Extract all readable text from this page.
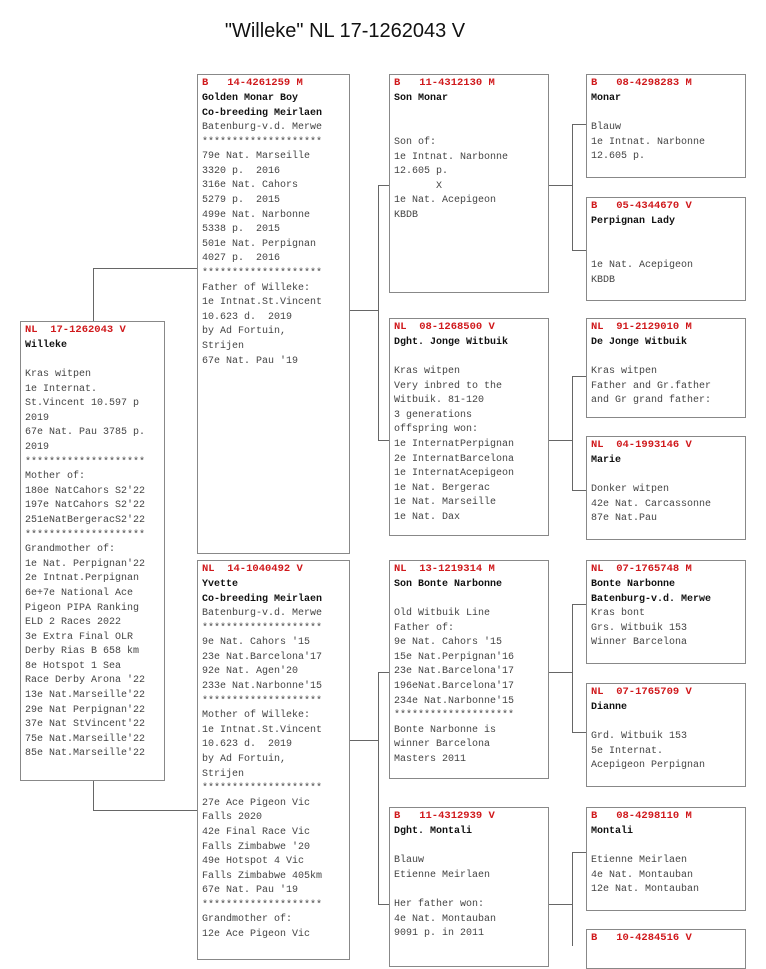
"Willeke" NL 17-1262043 V
NL  17-1262043 V
Willeke
Kras witpen
1e Internat.
St.Vincent 10.597 p
2019
67e Nat. Pau 3785 p.
2019
********************
Mother of:
180e NatCahors S2'22
197e NatCahors S2'22
251eNatBergeracS2'22
********************
Grandmother of:
1e Nat. Perpignan'22
2e Intnat.Perpignan
6e+7e National Ace
Pigeon PIPA Ranking
ELD 2 Races 2022
3e Extra Final OLR
Derby Rias B 658 km
8e Hotspot 1 Sea
Race Derby Arona '22
13e Nat.Marseille'22
29e Nat Perpignan'22
37e Nat StVincent'22
75e Nat.Marseille'22
85e Nat.Marseille'22
B   14-4261259 M
Golden Monar Boy
Co-breeding Meirlaen
Batenburg-v.d. Merwe
********************
79e Nat. Marseille
3320 p.  2016
316e Nat. Cahors
5279 p.  2015
499e Nat. Narbonne
5338 p.  2015
501e Nat. Perpignan
4027 p.  2016
********************
Father of Willeke:
1e Intnat.St.Vincent
10.623 d.  2019
by Ad Fortuin,
Strijen
67e Nat. Pau '19
NL  14-1040492 V
Yvette
Co-breeding Meirlaen
Batenburg-v.d. Merwe
********************
9e Nat. Cahors '15
23e Nat.Barcelona'17
92e Nat. Agen'20
233e Nat.Narbonne'15
********************
Mother of Willeke:
1e Intnat.St.Vincent
10.623 d.  2019
by Ad Fortuin,
Strijen
********************
27e Ace Pigeon Vic
Falls 2020
42e Final Race Vic
Falls Zimbabwe '20
49e Hotspot 4 Vic
Falls Zimbabwe 405km
67e Nat. Pau '19
********************
Grandmother of:
12e Ace Pigeon Vic
B   11-4312130 M
Son Monar
Son of:
1e Intnat. Narbonne
12.605 p.
X
1e Nat. Acepigeon
KBDB
NL  08-1268500 V
Dght. Jonge Witbuik
Kras witpen
Very inbred to the
Witbuik. 81-120
3 generations
offspring won:
1e InternatPerpignan
2e InternatBarcelona
1e InternatAcepigeon
1e Nat. Bergerac
1e Nat. Marseille
1e Nat. Dax
NL  13-1219314 M
Son Bonte Narbonne
Old Witbuik Line
Father of:
9e Nat. Cahors '15
15e Nat.Perpignan'16
23e Nat.Barcelona'17
196eNat.Barcelona'17
234e Nat.Narbonne'15
********************
Bonte Narbonne is
winner Barcelona
Masters 2011
B   11-4312939 V
Dght. Montali
Blauw
Etienne Meirlaen
Her father won:
4e Nat. Montauban
9091 p. in 2011
B   08-4298283 M
Monar
Blauw
1e Intnat. Narbonne
12.605 p.
B   05-4344670 V
Perpignan Lady
1e Nat. Acepigeon
KBDB
NL  91-2129010 M
De Jonge Witbuik
Kras witpen
Father and Gr.father
and Gr grand father:
NL  04-1993146 V
Marie
Donker witpen
42e Nat. Carcassonne
87e Nat.Pau
NL  07-1765748 M
Bonte Narbonne
Batenburg-v.d. Merwe
Kras bont
Grs. Witbuik 153
Winner Barcelona
NL  07-1765709 V
Dianne
Grd. Witbuik 153
5e Internat.
Acepigeon Perpignan
B   08-4298110 M
Montali
Etienne Meirlaen
4e Nat. Montauban
12e Nat. Montauban
B   10-4284516 V
